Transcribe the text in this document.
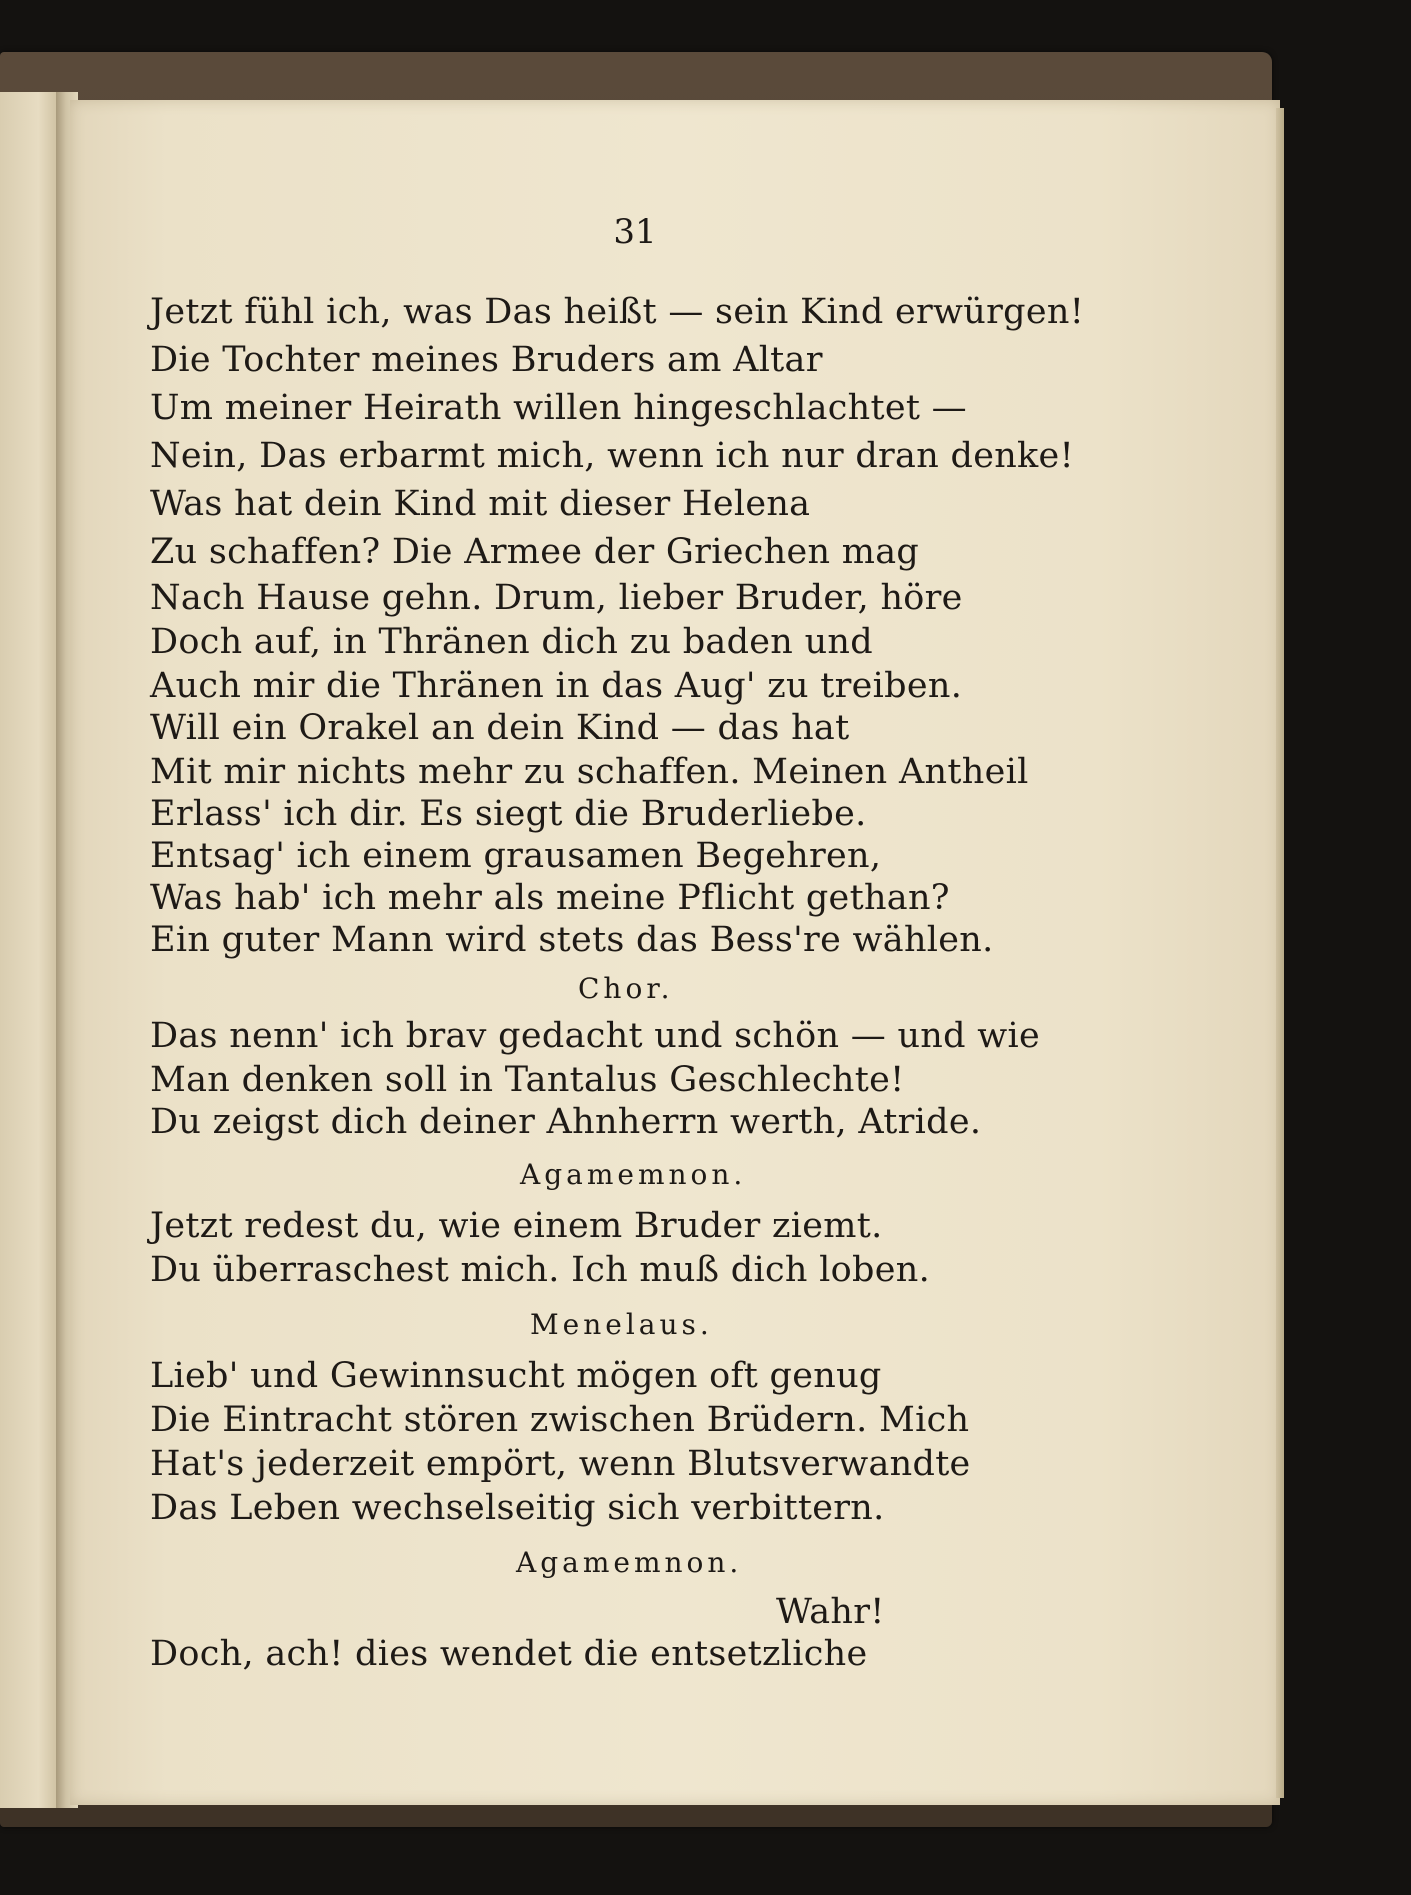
31
Jetzt fühl ich, was Das heißt — sein Kind erwürgen!
Die Tochter meines Bruders am Altar
Um meiner Heirath willen hingeschlachtet —
Nein, Das erbarmt mich, wenn ich nur dran denke!
Was hat dein Kind mit dieser Helena
Zu schaffen? Die Armee der Griechen mag
Nach Hause gehn. Drum, lieber Bruder, höre
Doch auf, in Thränen dich zu baden und
Auch mir die Thränen in das Aug' zu treiben.
Will ein Orakel an dein Kind — das hat
Mit mir nichts mehr zu schaffen. Meinen Antheil
Erlass' ich dir. Es siegt die Bruderliebe.
Entsag' ich einem grausamen Begehren,
Was hab' ich mehr als meine Pflicht gethan?
Ein guter Mann wird stets das Bess're wählen.
Chor.
Das nenn' ich brav gedacht und schön — und wie
Man denken soll in Tantalus Geschlechte!
Du zeigst dich deiner Ahnherrn werth, Atride.
Agamemnon.
Jetzt redest du, wie einem Bruder ziemt.
Du überraschest mich. Ich muß dich loben.
Menelaus.
Lieb' und Gewinnsucht mögen oft genug
Die Eintracht stören zwischen Brüdern. Mich
Hat's jederzeit empört, wenn Blutsverwandte
Das Leben wechselseitig sich verbittern.
Agamemnon.
Wahr!
Doch, ach! dies wendet die entsetzliche
